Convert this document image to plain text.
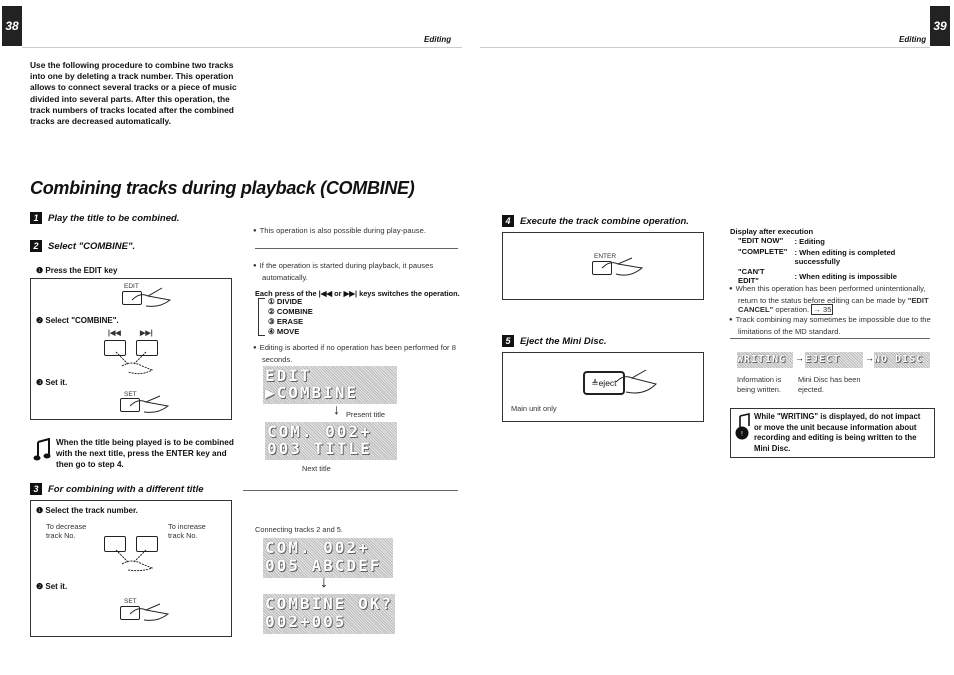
38
Editing	Editing
39
Use the following procedure to combine two tracks into one by deleting a track number. This operation allows to connect several tracks or a piece of music divided into several parts. After this operation, the track numbers of tracks located after the combined tracks are decreased automatically.
Combining tracks during playback (COMBINE)
1	Play the title to be combined.
2	Select "COMBINE".
❶ Press the EDIT key
EDIT
❷ Select "COMBINE".
|◀◀	▶▶|
❸ Set it.
SET
When the title being played is to be combined with the next title, press the ENTER key and then go to step 4.
3	For combining with a different title
❶ Select the track number.
To decrease track No.
To increase track No.
❷ Set it.
SET
This operation is also possible during play-pause.
If the operation is started during playback, it pauses automatically.
Each press of the |◀◀ or ▶▶| keys switches the operation.
① DIVIDE
② COMBINE
③ ERASE
④ MOVE
Editing is aborted if no operation has been performed for 8 seconds.
EDIT
▶COMBINE
↓ Present title
COM. 002+
003 TITLE
Next title
Connecting tracks 2 and 5.
COM. 002+
005 ABCDEF
↓
COMBINE OK?
002+005
4	Execute the track combine operation.
ENTER
5	Eject the Mini Disc.
≜eject
Main unit only
Display after execution
"EDIT NOW"	: Editing
"COMPLETE"	: When editing is completed successfully
"CAN'T EDIT"	: When editing is impossible
When this operation has been performed unintentionally, return to the status before editing can be made by "EDIT CANCEL" operation. → 35
Track combining may sometimes be impossible due to the limitations of the MD standard.
WRITING → EJECT	→ NO DISC
Information is being written.
Mini Disc has been ejected.
!
While "WRITING" is displayed, do not impact or move the unit because information about recording and editing is being written to the Mini Disc.
